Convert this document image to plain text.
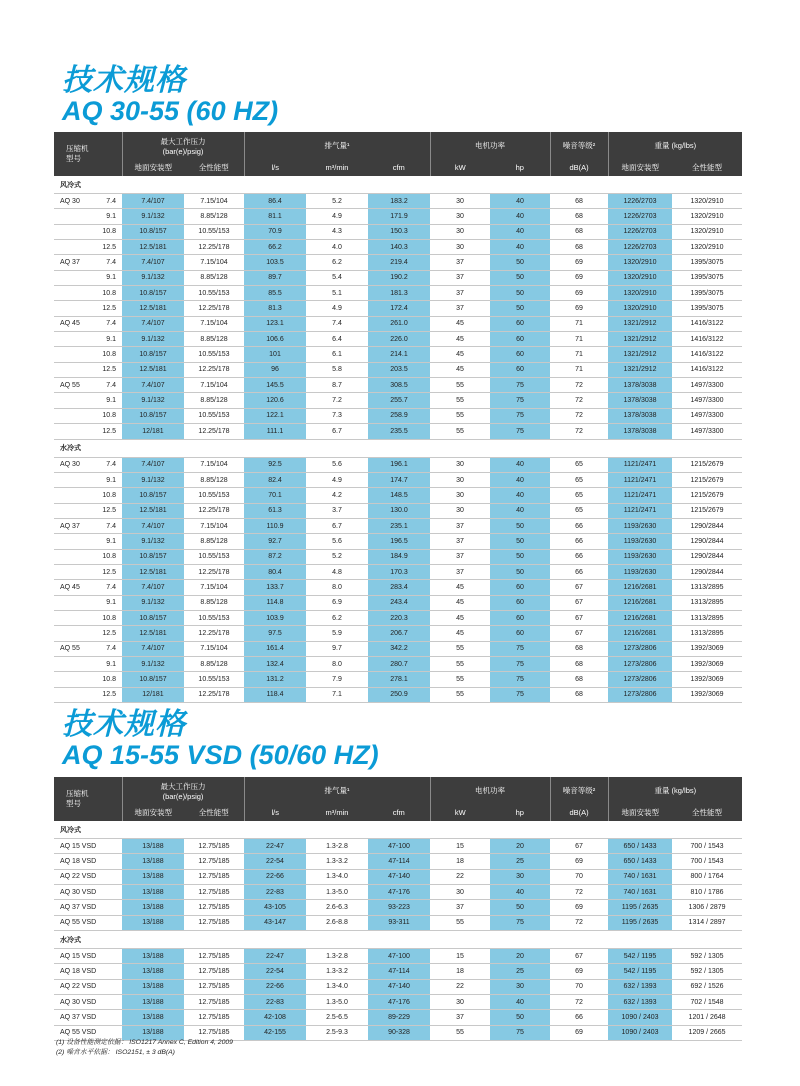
技术规格
AQ 30-55 (60 HZ)
压缩机
型号		最大工作压力
(bar(e)/psig)		排气量¹			电机功率		噪音等级²	重量 (kg/lbs)	
		地面安装型	全性能型	l/s	m³/min	cfm	kW	hp	dB(A)	地面安装型	全性能型
风冷式											
AQ 30	7.4	7.4/107	7.15/104	86.4	5.2	183.2	30	40	68	1226/2703	1320/2910
	9.1	9.1/132	8.85/128	81.1	4.9	171.9	30	40	68	1226/2703	1320/2910
	10.8	10.8/157	10.55/153	70.9	4.3	150.3	30	40	68	1226/2703	1320/2910
	12.5	12.5/181	12.25/178	66.2	4.0	140.3	30	40	68	1226/2703	1320/2910
AQ 37	7.4	7.4/107	7.15/104	103.5	6.2	219.4	37	50	69	1320/2910	1395/3075
	9.1	9.1/132	8.85/128	89.7	5.4	190.2	37	50	69	1320/2910	1395/3075
	10.8	10.8/157	10.55/153	85.5	5.1	181.3	37	50	69	1320/2910	1395/3075
	12.5	12.5/181	12.25/178	81.3	4.9	172.4	37	50	69	1320/2910	1395/3075
AQ 45	7.4	7.4/107	7.15/104	123.1	7.4	261.0	45	60	71	1321/2912	1416/3122
	9.1	9.1/132	8.85/128	106.6	6.4	226.0	45	60	71	1321/2912	1416/3122
	10.8	10.8/157	10.55/153	101	6.1	214.1	45	60	71	1321/2912	1416/3122
	12.5	12.5/181	12.25/178	96	5.8	203.5	45	60	71	1321/2912	1416/3122
AQ 55	7.4	7.4/107	7.15/104	145.5	8.7	308.5	55	75	72	1378/3038	1497/3300
	9.1	9.1/132	8.85/128	120.6	7.2	255.7	55	75	72	1378/3038	1497/3300
	10.8	10.8/157	10.55/153	122.1	7.3	258.9	55	75	72	1378/3038	1497/3300
	12.5	12/181	12.25/178	111.1	6.7	235.5	55	75	72	1378/3038	1497/3300
水冷式											
AQ 30	7.4	7.4/107	7.15/104	92.5	5.6	196.1	30	40	65	1121/2471	1215/2679
	9.1	9.1/132	8.85/128	82.4	4.9	174.7	30	40	65	1121/2471	1215/2679
	10.8	10.8/157	10.55/153	70.1	4.2	148.5	30	40	65	1121/2471	1215/2679
	12.5	12.5/181	12.25/178	61.3	3.7	130.0	30	40	65	1121/2471	1215/2679
AQ 37	7.4	7.4/107	7.15/104	110.9	6.7	235.1	37	50	66	1193/2630	1290/2844
	9.1	9.1/132	8.85/128	92.7	5.6	196.5	37	50	66	1193/2630	1290/2844
	10.8	10.8/157	10.55/153	87.2	5.2	184.9	37	50	66	1193/2630	1290/2844
	12.5	12.5/181	12.25/178	80.4	4.8	170.3	37	50	66	1193/2630	1290/2844
AQ 45	7.4	7.4/107	7.15/104	133.7	8.0	283.4	45	60	67	1216/2681	1313/2895
	9.1	9.1/132	8.85/128	114.8	6.9	243.4	45	60	67	1216/2681	1313/2895
	10.8	10.8/157	10.55/153	103.9	6.2	220.3	45	60	67	1216/2681	1313/2895
	12.5	12.5/181	12.25/178	97.5	5.9	206.7	45	60	67	1216/2681	1313/2895
AQ 55	7.4	7.4/107	7.15/104	161.4	9.7	342.2	55	75	68	1273/2806	1392/3069
	9.1	9.1/132	8.85/128	132.4	8.0	280.7	55	75	68	1273/2806	1392/3069
	10.8	10.8/157	10.55/153	131.2	7.9	278.1	55	75	68	1273/2806	1392/3069
	12.5	12/181	12.25/178	118.4	7.1	250.9	55	75	68	1273/2806	1392/3069
技术规格
AQ 15-55 VSD (50/60 HZ)
压缩机
型号	最大工作压力
(bar(e)/psig)		排气量¹			电机功率		噪音等级²	重量 (kg/lbs)	
	地面安装型	全性能型	l/s	m³/min	cfm	kW	hp	dB(A)	地面安装型	全性能型
风冷式										
AQ 15 VSD	13/188	12.75/185	22-47	1.3-2.8	47-100	15	20	67	650 / 1433	700 / 1543
AQ 18 VSD	13/188	12.75/185	22-54	1.3-3.2	47-114	18	25	69	650 / 1433	700 / 1543
AQ 22 VSD	13/188	12.75/185	22-66	1.3-4.0	47-140	22	30	70	740 / 1631	800 / 1764
AQ 30 VSD	13/188	12.75/185	22-83	1.3-5.0	47-176	30	40	72	740 / 1631	810 / 1786
AQ 37 VSD	13/188	12.75/185	43-105	2.6-6.3	93-223	37	50	69	1195 / 2635	1306 / 2879
AQ 55 VSD	13/188	12.75/185	43-147	2.6-8.8	93-311	55	75	72	1195 / 2635	1314 / 2897
水冷式										
AQ 15 VSD	13/188	12.75/185	22-47	1.3-2.8	47-100	15	20	67	542 / 1195	592 / 1305
AQ 18 VSD	13/188	12.75/185	22-54	1.3-3.2	47-114	18	25	69	542 / 1195	592 / 1305
AQ 22 VSD	13/188	12.75/185	22-66	1.3-4.0	47-140	22	30	70	632 / 1393	692 / 1526
AQ 30 VSD	13/188	12.75/185	22-83	1.3-5.0	47-176	30	40	72	632 / 1393	702 / 1548
AQ 37 VSD	13/188	12.75/185	42-108	2.5-6.5	89-229	37	50	66	1090 / 2403	1201 / 2648
AQ 55 VSD	13/188	12.75/185	42-155	2.5-9.3	90-328	55	75	69	1090 / 2403	1209 / 2665
(1) 设备性能测定依据： ISO1217 Annex C, Edition 4, 2009
(2) 噪音水平依据： ISO2151, ± 3 dB(A)
